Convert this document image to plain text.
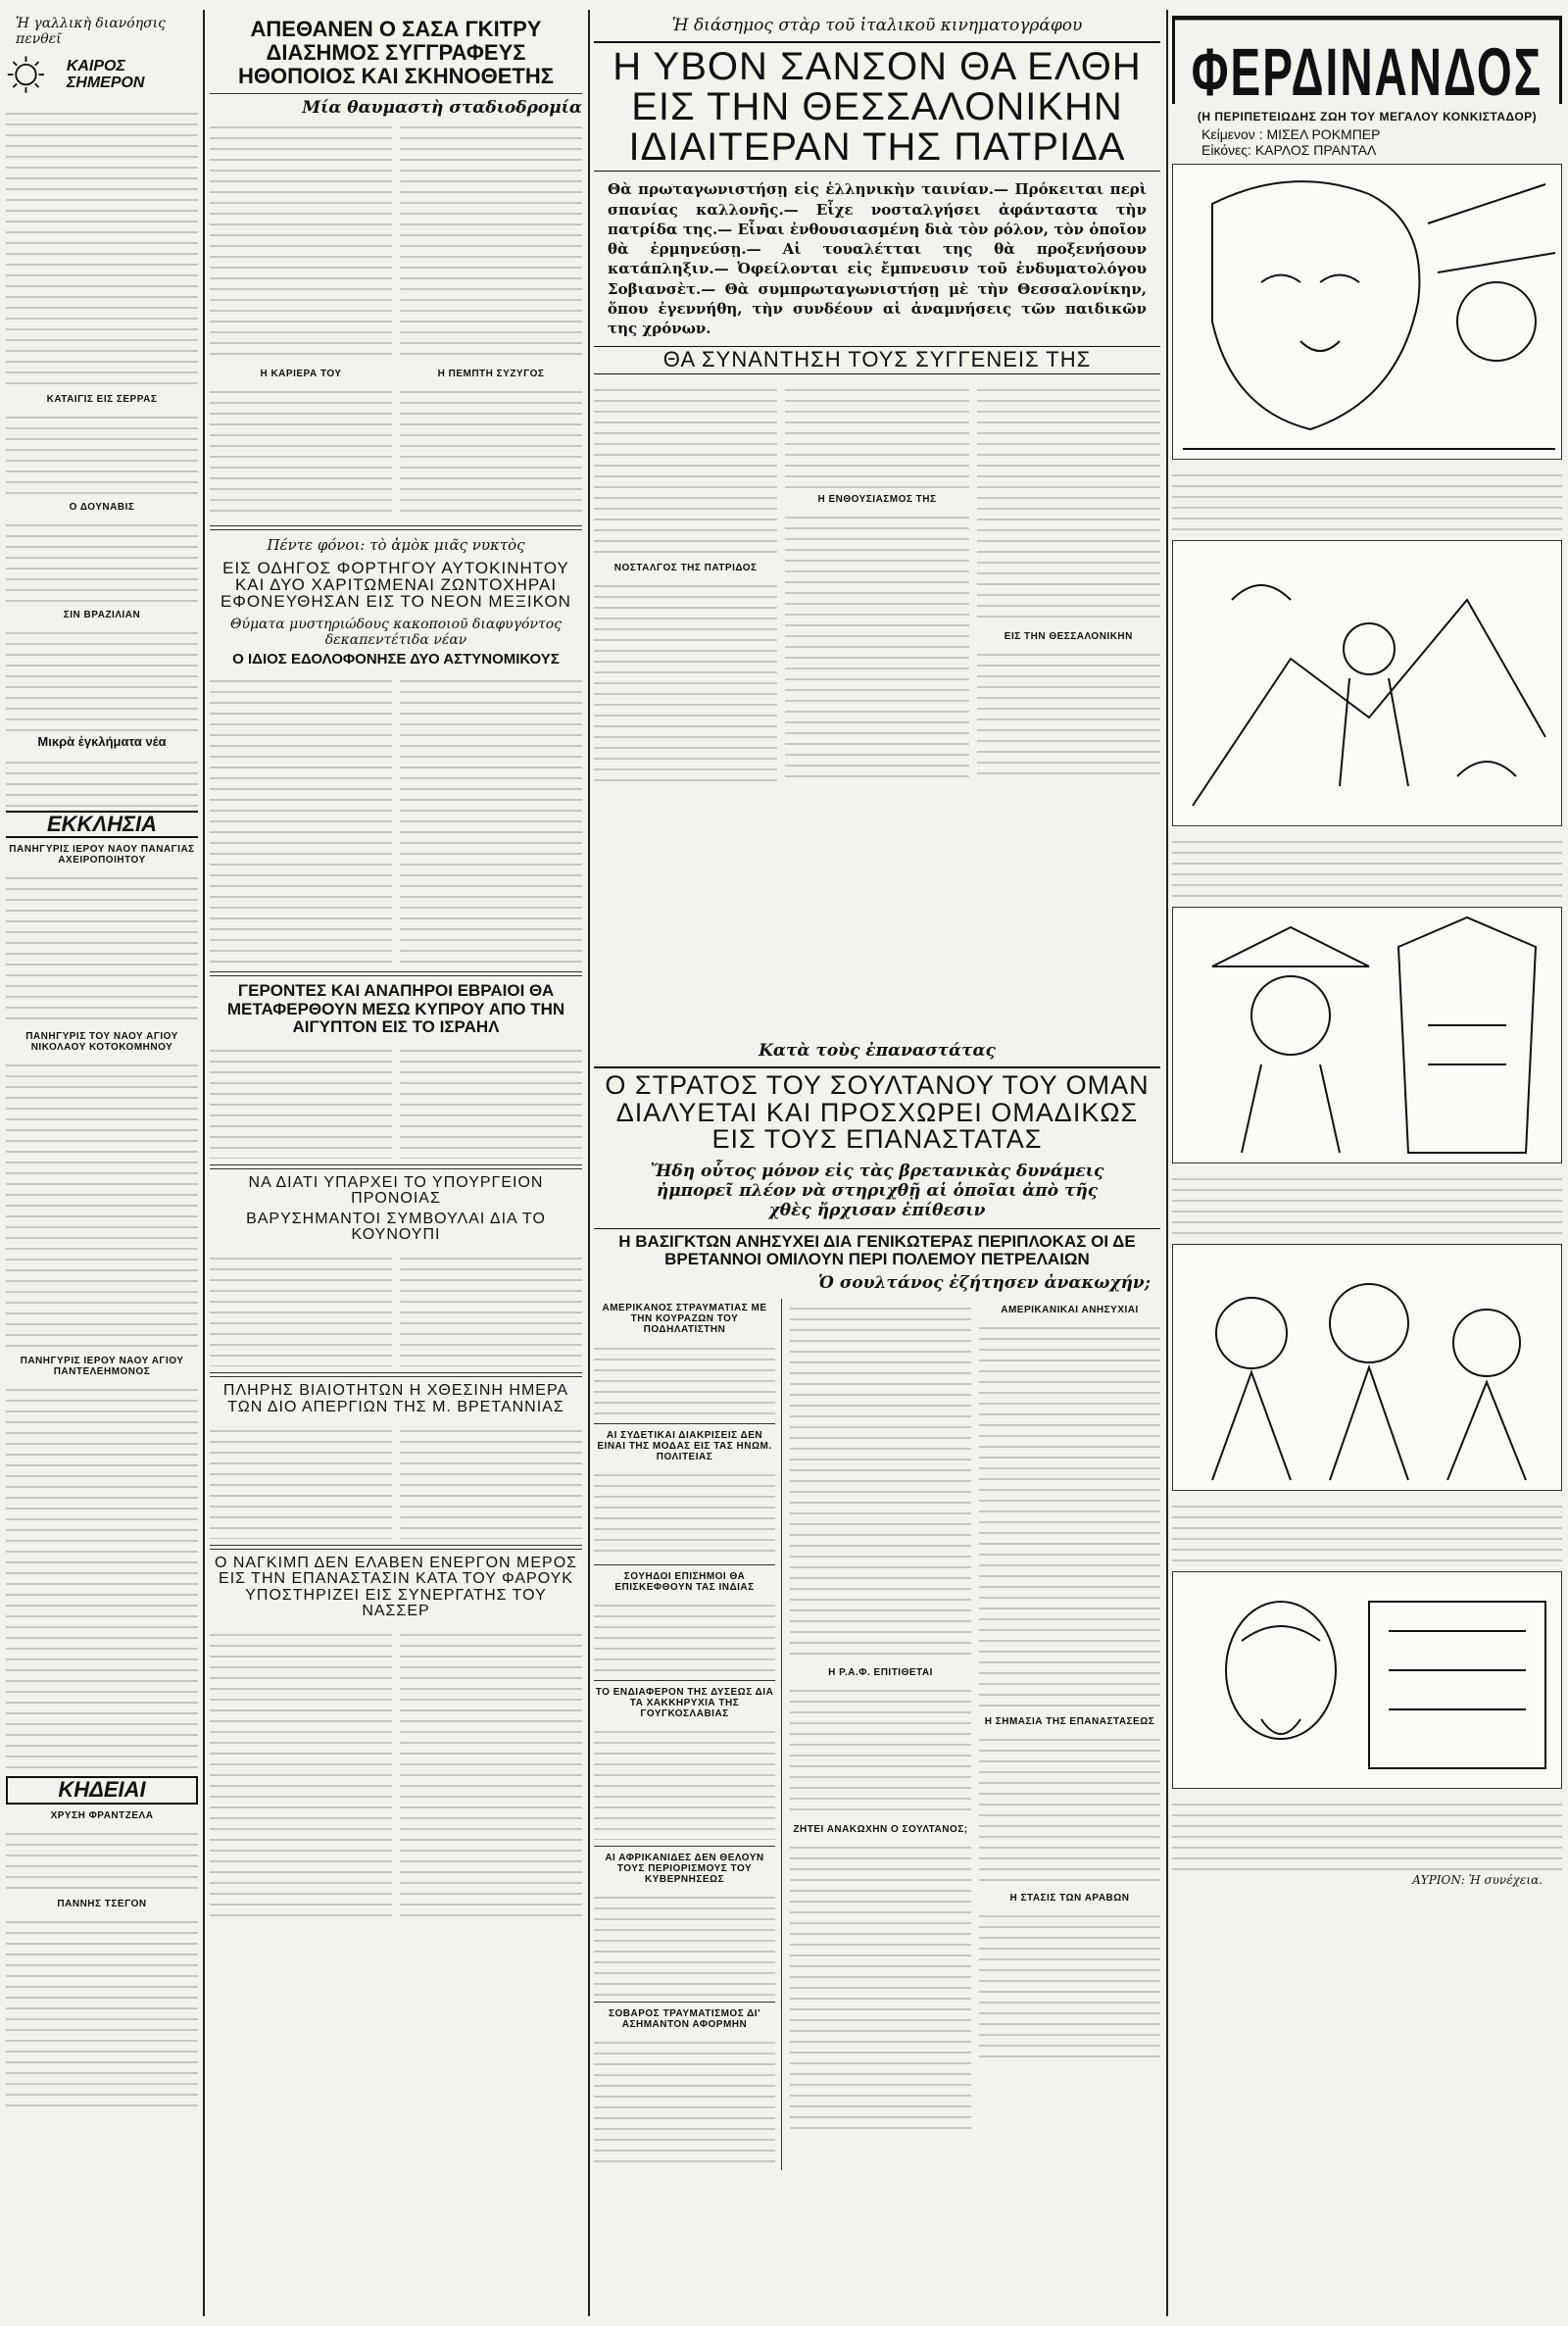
Ἡ γαλλικὴ διανόησις πενθεῖ
ΚΑΙΡΟΣ ΣΗΜΕΡΟΝ
ΚΑΤΑΙΓΙΣ ΕΙΣ ΣΕΡΡΑΣ
Ο ΔΟΥΝΑΒΙΣ
ΣΙΝ ΒΡΑΖΙΛΙΑΝ
Μικρὰ ἐγκλήματα νέα
ΕΚΚΛΗΣΙΑ
ΠΑΝΗΓΥΡΙΣ ΙΕΡΟΥ ΝΑΟΥ ΠΑΝΑΓΙΑΣ ΑΧΕΙΡΟΠΟΙΗΤΟΥ
ΠΑΝΗΓΥΡΙΣ ΤΟΥ ΝΑΟΥ ΑΓΙΟΥ ΝΙΚΟΛΑΟΥ ΚΟΤΟΚΟΜΗΝΟΥ
ΠΑΝΗΓΥΡΙΣ ΙΕΡΟΥ ΝΑΟΥ ΑΓΙΟΥ ΠΑΝΤΕΛΕΗΜΟΝΟΣ
ΚΗΔΕΙΑΙ
ΧΡΥΣΗ ΦΡΑΝΤΖΕΛΑ
ΠΑΝΝΗΣ ΤΣΕΓΟΝ
ΑΠΕΘΑΝΕΝ Ο ΣΑΣΑ ΓΚΙΤΡΥ ΔΙΑΣΗΜΟΣ ΣΥΓΓΡΑΦΕΥΣ ΗΘΟΠΟΙΟΣ ΚΑΙ ΣΚΗΝΟΘΕΤΗΣ
Μία θαυμαστὴ σταδιοδρομία
Η ΚΑΡΙΕΡΑ ΤΟΥ	Η ΠΕΜΠΤΗ ΣΥΖΥΓΟΣ
Πέντε φόνοι: τὸ ἀμὸκ μιᾶς νυκτὸς
ΕΙΣ ΟΔΗΓΟΣ ΦΟΡΤΗΓΟΥ ΑΥΤΟΚΙΝΗΤΟΥ ΚΑΙ ΔΥΟ ΧΑΡΙΤΩΜΕΝΑΙ ΖΩΝΤΟΧΗΡΑΙ ΕΦΟΝΕΥΘΗΣΑΝ ΕΙΣ ΤΟ ΝΕΟΝ ΜΕΞΙΚΟΝ
Θύματα μυστηριώδους κακοποιοῦ διαφυγόντος δεκαπεντέτιδα νέαν
Ο ΙΔΙΟΣ ΕΔΟΛΟΦΟΝΗΣΕ ΔΥΟ ΑΣΤΥΝΟΜΙΚΟΥΣ
ΓΕΡΟΝΤΕΣ ΚΑΙ ΑΝΑΠΗΡΟΙ ΕΒΡΑΙΟΙ ΘΑ ΜΕΤΑΦΕΡΘΟΥΝ ΜΕΣΩ ΚΥΠΡΟΥ ΑΠΟ ΤΗΝ ΑΙΓΥΠΤΟΝ ΕΙΣ ΤΟ ΙΣΡΑΗΛ
ΝΑ ΔΙΑΤΙ ΥΠΑΡΧΕΙ ΤΟ ΥΠΟΥΡΓΕΙΟΝ ΠΡΟΝΟΙΑΣ
ΒΑΡΥΣΗΜΑΝΤΟΙ ΣΥΜΒΟΥΛΑΙ ΔΙΑ ΤΟ ΚΟΥΝΟΥΠΙ
ΠΛΗΡΗΣ ΒΙΑΙΟΤΗΤΩΝ Η ΧΘΕΣΙΝΗ ΗΜΕΡΑ ΤΩΝ ΔΙΟ ΑΠΕΡΓΙΩΝ ΤΗΣ Μ. ΒΡΕΤΑΝΝΙΑΣ
Ο ΝΑΓΚΙΜΠ ΔΕΝ ΕΛΑΒΕΝ ΕΝΕΡΓΟΝ ΜΕΡΟΣ ΕΙΣ ΤΗΝ ΕΠΑΝΑΣΤΑΣΙΝ ΚΑΤΑ ΤΟΥ ΦΑΡΟΥΚ ΥΠΟΣΤΗΡΙΖΕΙ ΕΙΣ ΣΥΝΕΡΓΑΤΗΣ ΤΟΥ ΝΑΣΣΕΡ
Ἡ διάσημος στὰρ τοῦ ἰταλικοῦ κινηματογράφου
Η ΥΒΟΝ ΣΑΝΣΟΝ ΘΑ ΕΛΘΗ ΕΙΣ ΤΗΝ ΘΕΣΣΑΛΟΝΙΚΗΝ ΙΔΙΑΙΤΕΡΑΝ ΤΗΣ ΠΑΤΡΙΔΑ
Θὰ πρωταγωνιστήσῃ εἰς ἑλληνικὴν ταινίαν.— Πρόκειται περὶ σπανίας καλλονῆς.— Εἶχε νοσταλγήσει ἀφάνταστα τὴν πατρίδα της.— Εἶναι ἐνθουσιασμένη διὰ τὸν ρόλον, τὸν ὁποῖον θὰ ἑρμηνεύσῃ.— Αἱ τουαλέτται της θὰ προξενήσουν κατάπληξιν.— Ὀφείλονται εἰς ἔμπνευσιν τοῦ ἐνδυματολόγου Σοβιανσὲτ.— Θὰ συμπρωταγωνιστήσῃ μὲ τὴν Θεσσαλονίκην, ὅπου ἐγεννήθη, τὴν συνδέουν αἱ ἀναμνήσεις τῶν παιδικῶν της χρόνων.
ΘΑ ΣΥΝΑΝΤΗΣΗ ΤΟΥΣ ΣΥΓΓΕΝΕΙΣ ΤΗΣ
ΝΟΣΤΑΛΓΟΣ ΤΗΣ ΠΑΤΡΙΔΟΣ
Η ΕΝΘΟΥΣΙΑΣΜΟΣ ΤΗΣ
ΕΙΣ ΤΗΝ ΘΕΣΣΑΛΟΝΙΚΗΝ
Κατὰ τοὺς ἐπαναστάτας
Ο ΣΤΡΑΤΟΣ ΤΟΥ ΣΟΥΛΤΑΝΟΥ ΤΟΥ ΟΜΑΝ ΔΙΑΛΥΕΤΑΙ ΚΑΙ ΠΡΟΣΧΩΡΕΙ ΟΜΑΔΙΚΩΣ ΕΙΣ ΤΟΥΣ ΕΠΑΝΑΣΤΑΤΑΣ
Ἤδη οὗτος μόνον εἰς τὰς βρετανικὰς δυνάμεις ἠμπορεῖ πλέον νὰ στηριχθῇ αἱ ὁποῖαι ἀπὸ τῆς χθὲς ἤρχισαν ἐπίθεσιν
Η ΒΑΣΙΓΚΤΩΝ ΑΝΗΣΥΧΕΙ ΔΙΑ ΓΕΝΙΚΩΤΕΡΑΣ ΠΕΡΙΠΛΟΚΑΣ ΟΙ ΔΕ ΒΡΕΤΑΝΝΟΙ ΟΜΙΛΟΥΝ ΠΕΡΙ ΠΟΛΕΜΟΥ ΠΕΤΡΕΛΑΙΩΝ
Ὁ σουλτάνος ἐζήτησεν ἀνακωχήν;
ΑΜΕΡΙΚΑΝΟΣ ΣΤΡΑΥΜΑΤΙΑΣ ΜΕ ΤΗΝ ΚΟΥΡΑΖΩΝ ΤΟΥ ΠΟΔΗΛΑΤΙΣΤΗΝ
ΑΙ ΣΥΔΕΤΙΚΑΙ ΔΙΑΚΡΙΣΕΙΣ ΔΕΝ ΕΙΝΑΙ ΤΗΣ ΜΟΔΑΣ ΕΙΣ ΤΑΣ ΗΝΩΜ. ΠΟΛΙΤΕΙΑΣ
ΣΟΥΗΔΟΙ ΕΠΙΣΗΜΟΙ ΘΑ ΕΠΙΣΚΕΦΘΟΥΝ ΤΑΣ ΙΝΔΙΑΣ
ΤΟ ΕΝΔΙΑΦΕΡΟΝ ΤΗΣ ΔΥΣΕΩΣ ΔΙΑ ΤΑ ΧΑΚΚΗΡΥΧΙΑ ΤΗΣ ΓΟΥΓΚΟΣΛΑΒΙΑΣ
ΑΙ ΑΦΡΙΚΑΝΙΔΕΣ ΔΕΝ ΘΕΛΟΥΝ ΤΟΥΣ ΠΕΡΙΟΡΙΣΜΟΥΣ ΤΟΥ ΚΥΒΕΡΝΗΣΕΩΣ
ΣΟΒΑΡΟΣ ΤΡΑΥΜΑΤΙΣΜΟΣ ΔΙ' ΑΣΗΜΑΝΤΟΝ ΑΦΟΡΜΗΝ
Η Ρ.Α.Φ. ΕΠΙΤΙΘΕΤΑΙ
ΖΗΤΕΙ ΑΝΑΚΩΧΗΝ Ο ΣΟΥΛΤΑΝΟΣ;
ΑΜΕΡΙΚΑΝΙΚΑΙ ΑΝΗΣΥΧΙΑΙ
Η ΣΗΜΑΣΙΑ ΤΗΣ ΕΠΑΝΑΣΤΑΣΕΩΣ
Η ΣΤΑΣΙΣ ΤΩΝ ΑΡΑΒΩΝ
ΦΕΡΔΙΝΑΝΔΟΣ
(Η ΠΕΡΙΠΕΤΕΙΩΔΗΣ ΖΩΗ ΤΟΥ ΜΕΓΑΛΟΥ ΚΟΝΚΙΣΤΑΔΟΡ)
Κείμενον : ΜΙΣΕΛ ΡΟΚΜΠΕΡ
Εἰκόνες: ΚΑΡΛΟΣ ΠΡΑΝΤΑΛ
ΑΥΡΙΟΝ: Ἡ συνέχεια.
